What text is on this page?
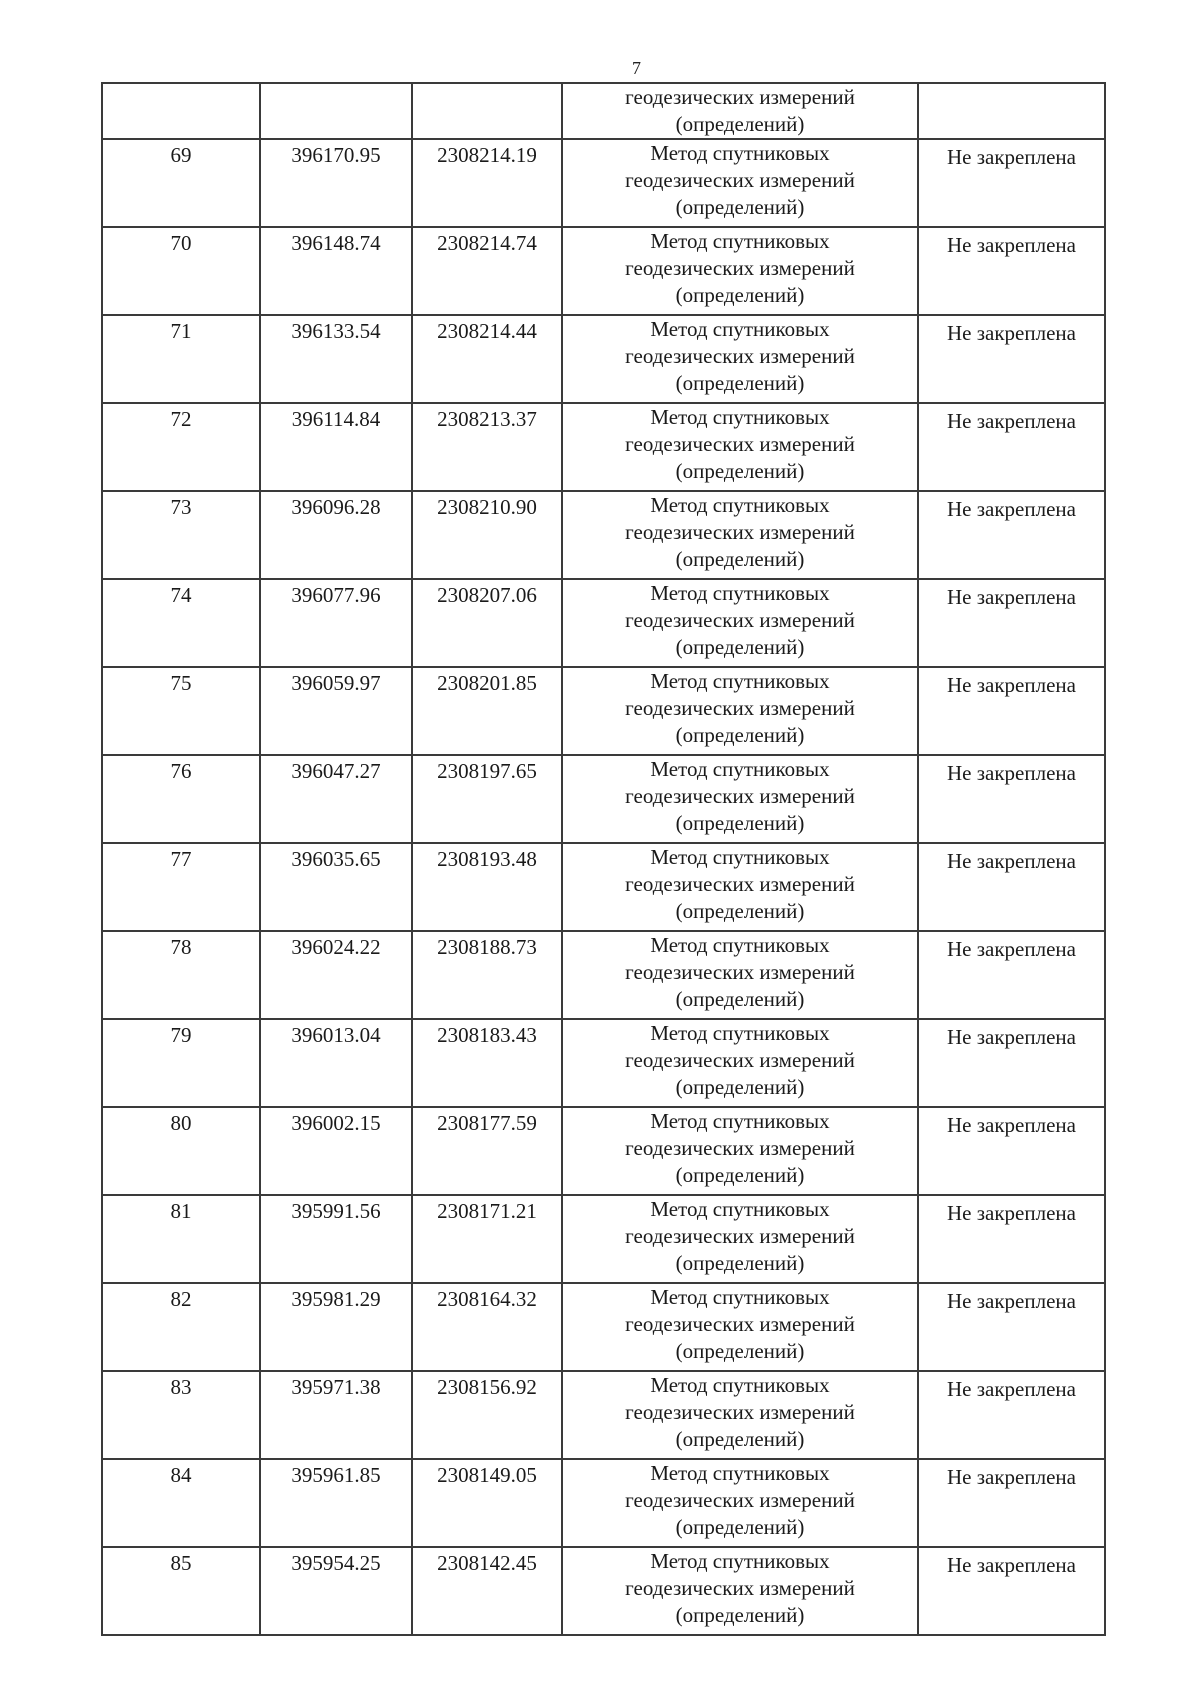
7

			геодезических измерений
(определений)	

69	396170.95	2308214.19	Метод спутниковых
геодезических измерений
(определений)	Не закреплена
70	396148.74	2308214.74	Метод спутниковых
геодезических измерений
(определений)	Не закреплена
71	396133.54	2308214.44	Метод спутниковых
геодезических измерений
(определений)	Не закреплена
72	396114.84	2308213.37	Метод спутниковых
геодезических измерений
(определений)	Не закреплена
73	396096.28	2308210.90	Метод спутниковых
геодезических измерений
(определений)	Не закреплена
74	396077.96	2308207.06	Метод спутниковых
геодезических измерений
(определений)	Не закреплена
75	396059.97	2308201.85	Метод спутниковых
геодезических измерений
(определений)	Не закреплена
76	396047.27	2308197.65	Метод спутниковых
геодезических измерений
(определений)	Не закреплена
77	396035.65	2308193.48	Метод спутниковых
геодезических измерений
(определений)	Не закреплена
78	396024.22	2308188.73	Метод спутниковых
геодезических измерений
(определений)	Не закреплена
79	396013.04	2308183.43	Метод спутниковых
геодезических измерений
(определений)	Не закреплена
80	396002.15	2308177.59	Метод спутниковых
геодезических измерений
(определений)	Не закреплена
81	395991.56	2308171.21	Метод спутниковых
геодезических измерений
(определений)	Не закреплена
82	395981.29	2308164.32	Метод спутниковых
геодезических измерений
(определений)	Не закреплена
83	395971.38	2308156.92	Метод спутниковых
геодезических измерений
(определений)	Не закреплена
84	395961.85	2308149.05	Метод спутниковых
геодезических измерений
(определений)	Не закреплена
85	395954.25	2308142.45	Метод спутниковых
геодезических измерений
(определений)	Не закреплена
